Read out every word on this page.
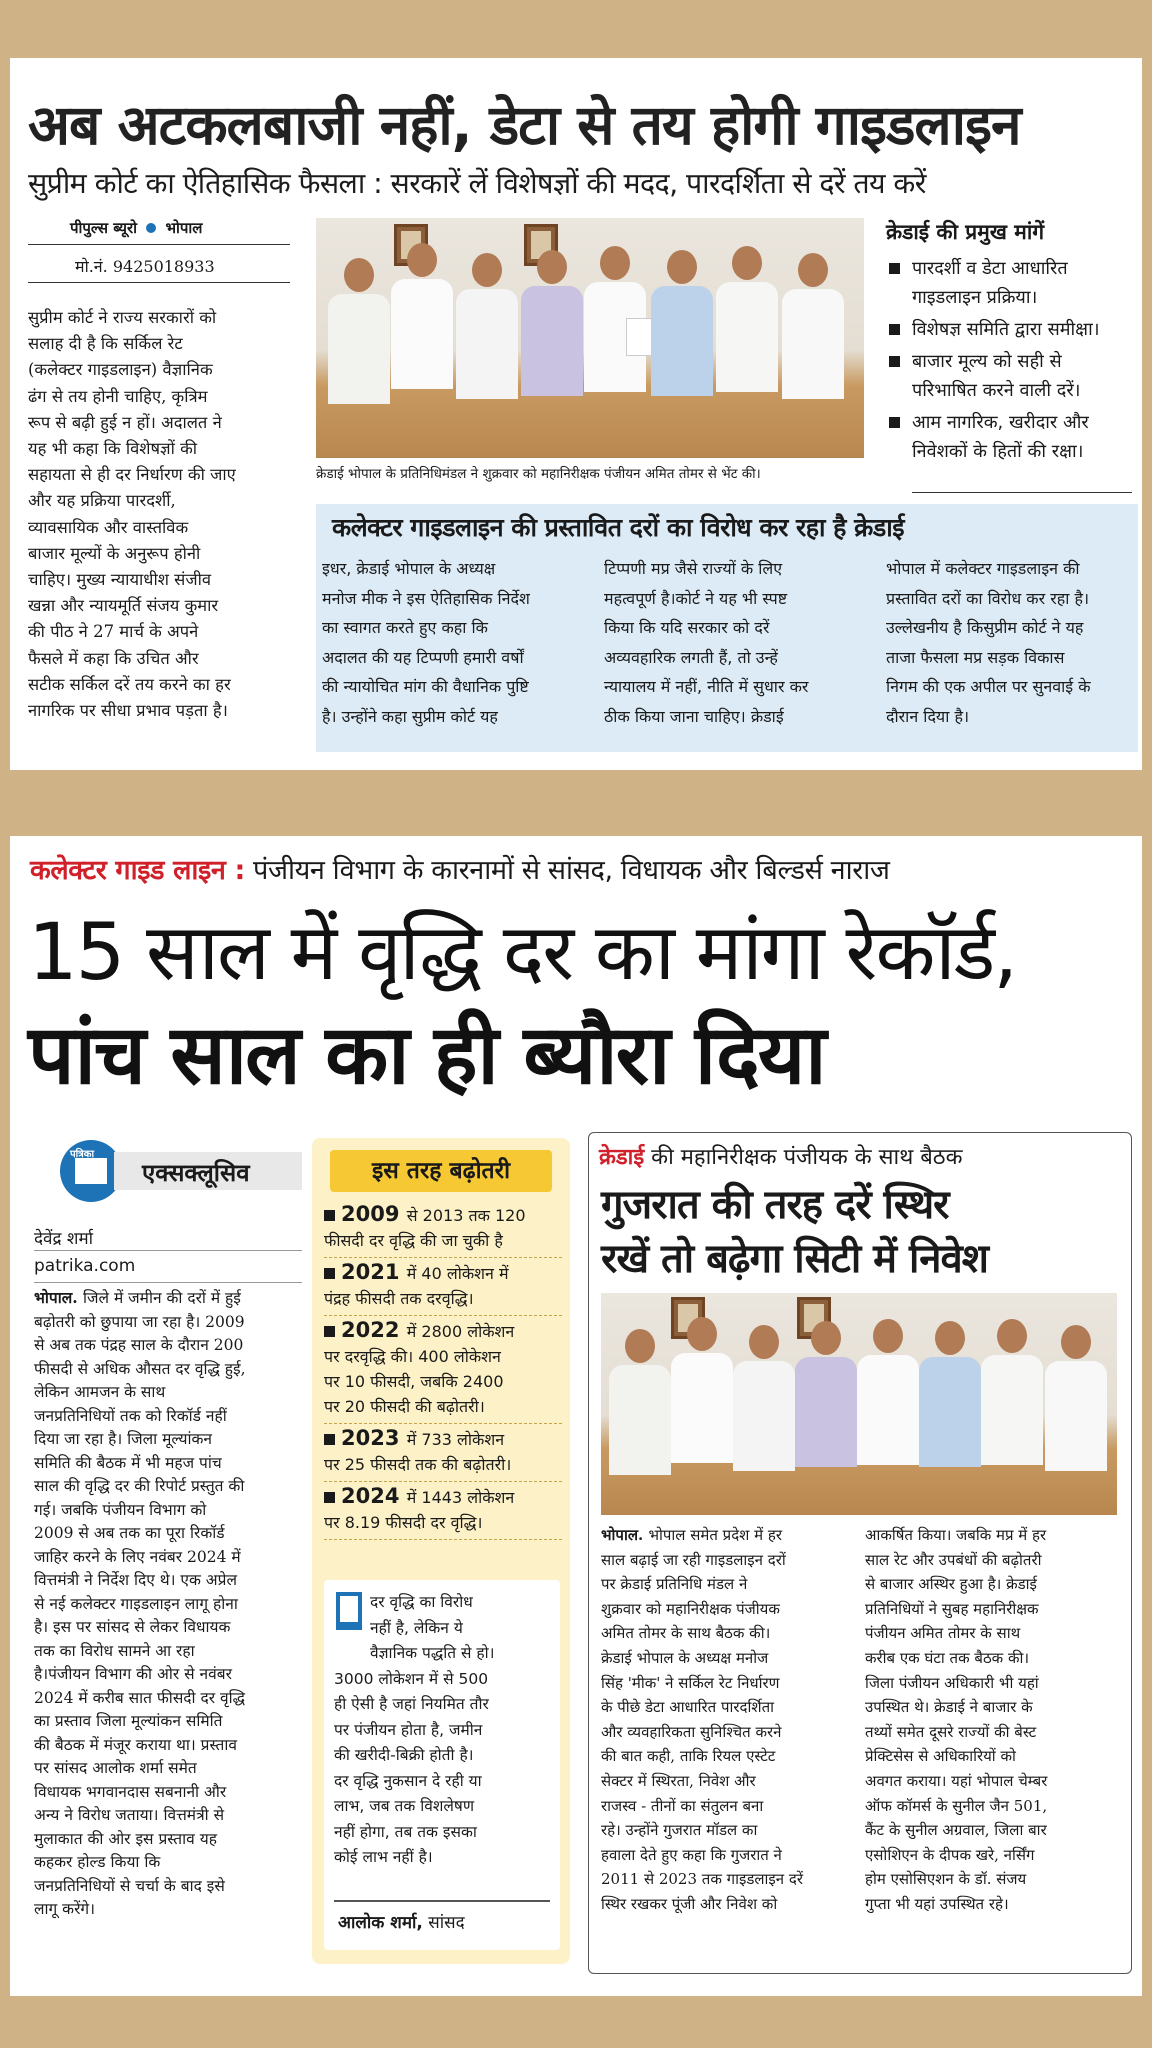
अब अटकलबाजी नहीं, डेटा से तय होगी गाइडलाइन
सुप्रीम कोर्ट का ऐतिहासिक फैसला : सरकारें लें विशेषज्ञों की मदद, पारदर्शिता से दरें तय करें
पीपुल्स ब्यूरो भोपाल
मो.नं. 9425018933
सुप्रीम कोर्ट ने राज्य सरकारों को
सलाह दी है कि सर्किल रेट
(कलेक्टर गाइडलाइन) वैज्ञानिक
ढंग से तय होनी चाहिए, कृत्रिम
रूप से बढ़ी हुई न हों। अदालत ने
यह भी कहा कि विशेषज्ञों की
सहायता से ही दर निर्धारण की जाए
और यह प्रक्रिया पारदर्शी,
व्यावसायिक और वास्तविक
बाजार मूल्यों के अनुरूप होनी
चाहिए। मुख्य न्यायाधीश संजीव
खन्ना और न्यायमूर्ति संजय कुमार
की पीठ ने 27 मार्च के अपने
फैसले में कहा कि उचित और
सटीक सर्किल दरें तय करने का हर
नागरिक पर सीधा प्रभाव पड़ता है।
क्रेडाई भोपाल के प्रतिनिधिमंडल ने शुक्रवार को महानिरीक्षक पंजीयन अमित तोमर से भेंट की।
क्रेडाई की प्रमुख मांगें
पारदर्शी व डेटा आधारित
गाइडलाइन प्रक्रिया।
विशेषज्ञ समिति द्वारा समीक्षा।
बाजार मूल्य को सही से
परिभाषित करने वाली दरें।
आम नागरिक, खरीदार और
निवेशकों के हितों की रक्षा।
कलेक्टर गाइडलाइन की प्रस्तावित दरों का विरोध कर रहा है क्रेडाई
इधर, क्रेडाई भोपाल के अध्यक्ष
मनोज मीक ने इस ऐतिहासिक निर्देश
का स्वागत करते हुए कहा कि
अदालत की यह टिप्पणी हमारी वर्षों
की न्यायोचित मांग की वैधानिक पुष्टि
है। उन्होंने कहा सुप्रीम कोर्ट यह
टिप्पणी मप्र जैसे राज्यों के लिए
महत्वपूर्ण है।कोर्ट ने यह भी स्पष्ट
किया कि यदि सरकार को दरें
अव्यवहारिक लगती हैं, तो उन्हें
न्यायालय में नहीं, नीति में सुधार कर
ठीक किया जाना चाहिए। क्रेडाई
भोपाल में कलेक्टर गाइडलाइन की
प्रस्तावित दरों का विरोध कर रहा है।
उल्लेखनीय है किसुप्रीम कोर्ट ने यह
ताजा फैसला मप्र सड़क विकास
निगम की एक अपील पर सुनवाई के
दौरान दिया है।
कलेक्टर गाइड लाइन : पंजीयन विभाग के कारनामों से सांसद, विधायक और बिल्डर्स नाराज
15 साल में वृद्धि दर का मांगा रेकॉर्ड,
पांच साल का ही ब्यौरा दिया
पत्रिका
एक्सक्लूसिव
देवेंद्र शर्मा
patrika.com
भोपाल. जिले में जमीन की दरों में हुई
बढ़ोतरी को छुपाया जा रहा है। 2009
से अब तक पंद्रह साल के दौरान 200
फीसदी से अधिक औसत दर वृद्धि हुई,
लेकिन आमजन के साथ
जनप्रतिनिधियों तक को रिकॉर्ड नहीं
दिया जा रहा है। जिला मूल्यांकन
समिति की बैठक में भी महज पांच
साल की वृद्धि दर की रिपोर्ट प्रस्तुत की
गई। जबकि पंजीयन विभाग को
2009 से अब तक का पूरा रिकॉर्ड
जाहिर करने के लिए नवंबर 2024 में
वित्तमंत्री ने निर्देश दिए थे। एक अप्रेल
से नई कलेक्टर गाइडलाइन लागू होना
है। इस पर सांसद से लेकर विधायक
तक का विरोध सामने आ रहा
है।पंजीयन विभाग की ओर से नवंबर
2024 में करीब सात फीसदी दर वृद्धि
का प्रस्ताव जिला मूल्यांकन समिति
की बैठक में मंजूर कराया था। प्रस्ताव
पर सांसद आलोक शर्मा समेत
विधायक भगवानदास सबनानी और
अन्य ने विरोध जताया। वित्तमंत्री से
मुलाकात की ओर इस प्रस्ताव यह
कहकर होल्ड किया कि
जनप्रतिनिधियों से चर्चा के बाद इसे
लागू करेंगे।
इस तरह बढ़ोतरी
2009 से 2013 तक 120
फीसदी दर वृद्धि की जा चुकी है
2021 में 40 लोकेशन में
पंद्रह फीसदी तक दरवृद्धि।
2022 में 2800 लोकेशन
पर दरवृद्धि की। 400 लोकेशन
पर 10 फीसदी, जबकि 2400
पर 20 फीसदी की बढ़ोतरी।
2023 में 733 लोकेशन
पर 25 फीसदी तक की बढ़ोतरी।
2024 में 1443 लोकेशन
पर 8.19 फीसदी दर वृद्धि।
दर वृद्धि का विरोध
नहीं है, लेकिन ये
वैज्ञानिक पद्धति से हो।
3000 लोकेशन में से 500
ही ऐसी है जहां नियमित तौर
पर पंजीयन होता है, जमीन
की खरीदी-बिक्री होती है।
दर वृद्धि नुकसान दे रही या
लाभ, जब तक विशलेषण
नहीं होगा, तब तक इसका
कोई लाभ नहीं है।
आलोक शर्मा, सांसद
क्रेडाई की महानिरीक्षक पंजीयक के साथ बैठक
गुजरात की तरह दरें स्थिर
रखें तो बढ़ेगा सिटी में निवेश
भोपाल. भोपाल समेत प्रदेश में हर
साल बढ़ाई जा रही गाइडलाइन दरों
पर क्रेडाई प्रतिनिधि मंडल ने
शुक्रवार को महानिरीक्षक पंजीयक
अमित तोमर के साथ बैठक की।
क्रेडाई भोपाल के अध्यक्ष मनोज
सिंह 'मीक' ने सर्किल रेट निर्धारण
के पीछे डेटा आधारित पारदर्शिता
और व्यवहारिकता सुनिश्चित करने
की बात कही, ताकि रियल एस्टेट
सेक्टर में स्थिरता, निवेश और
राजस्व - तीनों का संतुलन बना
रहे। उन्होंने गुजरात मॉडल का
हवाला देते हुए कहा कि गुजरात ने
2011 से 2023 तक गाइडलाइन दरें
स्थिर रखकर पूंजी और निवेश को
आकर्षित किया। जबकि मप्र में हर
साल रेट और उपबंधों की बढ़ोतरी
से बाजार अस्थिर हुआ है। क्रेडाई
प्रतिनिधियों ने सुबह महानिरीक्षक
पंजीयन अमित तोमर के साथ
करीब एक घंटा तक बैठक की।
जिला पंजीयन अधिकारी भी यहां
उपस्थित थे। क्रेडाई ने बाजार के
तथ्यों समेत दूसरे राज्यों की बेस्ट
प्रेक्टिसेस से अधिकारियों को
अवगत कराया। यहां भोपाल चेम्बर
ऑफ कॉमर्स के सुनील जैन 501,
कैंट के सुनील अग्रवाल, जिला बार
एसोशिएन के दीपक खरे, नर्सिंग
होम एसोसिएशन के डॉ. संजय
गुप्ता भी यहां उपस्थित रहे।
